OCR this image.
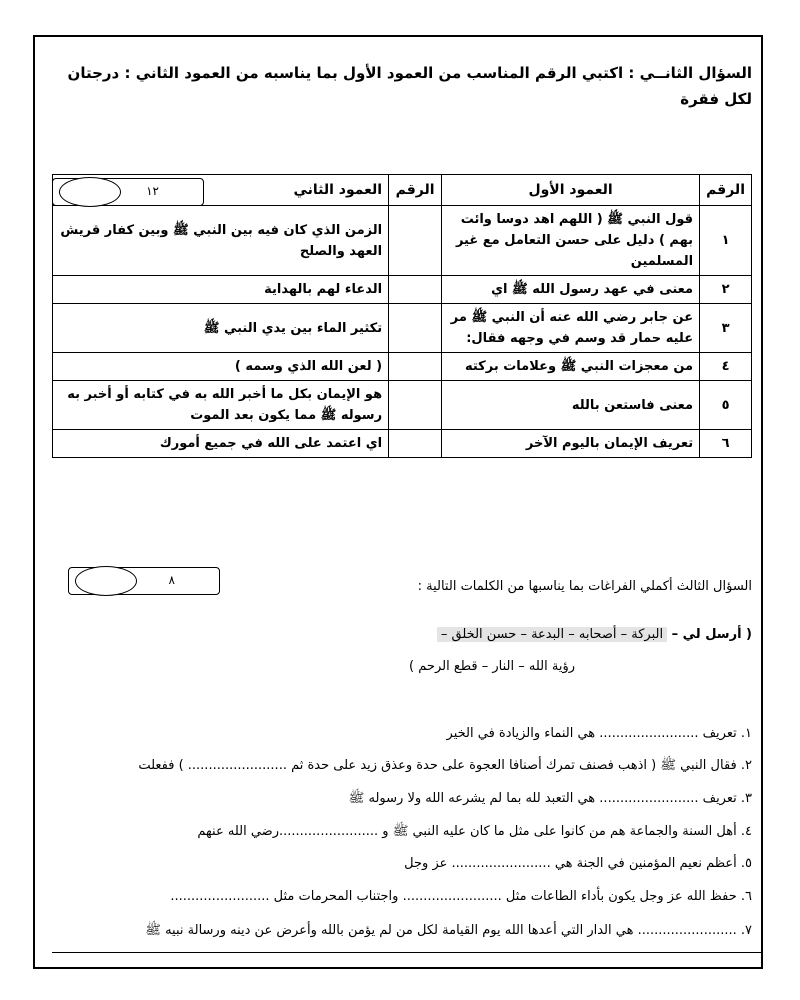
السؤال الثانــي : اكتبي الرقم المناسب من العمود الأول بما يناسبه من العمود الثاني : درجتان لكل فقرة
الرقم	العمود الأول	الرقم	العمود الثاني
١	قول النبي ﷺ ( اللهم اهد دوسا وائت بهم ) دليل على حسن التعامل مع غير المسلمين		الزمن الذي كان فيه بين النبي ﷺ وبين كفار قريش العهد والصلح
٢	معنى في عهد رسول الله ﷺ اي		الدعاء لهم بالهداية
٣	عن جابر رضي الله عنه أن النبي ﷺ مر عليه حمار قد وسم في وجهه فقال:		تكثير الماء بين يدي النبي ﷺ
٤	من معجزات النبي ﷺ وعلامات بركته		( لعن الله الذي وسمه )
٥	معنى فاستعن بالله		هو الإيمان بكل ما أخبر الله به في كتابه أو أخبر به رسوله ﷺ مما يكون بعد الموت
٦	تعريف الإيمان باليوم الآخر		اي اعتمد على الله في جميع أمورك
١٢
٨	السؤال الثالث أكملي الفراغات بما يناسبها من الكلمات التالية :
( أرسل لي – البركة – أصحابه – البدعة – حسن الخلق –
رؤية الله – النار – قطع الرحم )
١. تعريف ........................ هي النماء والزيادة في الخير
٢. فقال النبي ﷺ ( اذهب فصنف تمرك أصنافا العجوة على حدة وعذق زيد على حدة ثم ........................ ) ففعلت
٣. تعريف ........................ هي التعبد لله بما لم يشرعه الله ولا رسوله ﷺ
٤. أهل السنة والجماعة هم من كانوا على مثل ما كان عليه النبي ﷺ و ........................رضي الله عنهم
٥. أعظم نعيم المؤمنين في الجنة هي ........................ عز وجل
٦. حفظ الله عز وجل يكون بأداء الطاعات مثل ........................ واجتناب المحرمات مثل ........................
٧. ........................ هي الدار التي أعدها الله يوم القيامة لكل من لم يؤمن بالله وأعرض عن دينه ورسالة نبيه ﷺ
